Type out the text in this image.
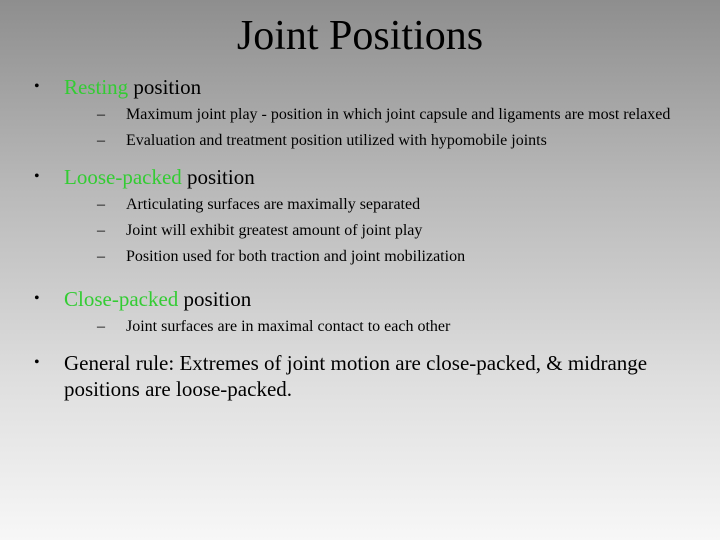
Joint Positions
• Resting position
– Maximum joint play - position in which joint capsule and ligaments are most relaxed
– Evaluation and treatment position utilized with hypomobile joints
• Loose-packed position
– Articulating surfaces are maximally separated
– Joint will exhibit greatest amount of joint play
– Position used for both traction and joint mobilization
• Close-packed position
– Joint surfaces are in maximal contact to each other
• General rule: Extremes of joint motion are close-packed, & midrange positions are loose-packed.
